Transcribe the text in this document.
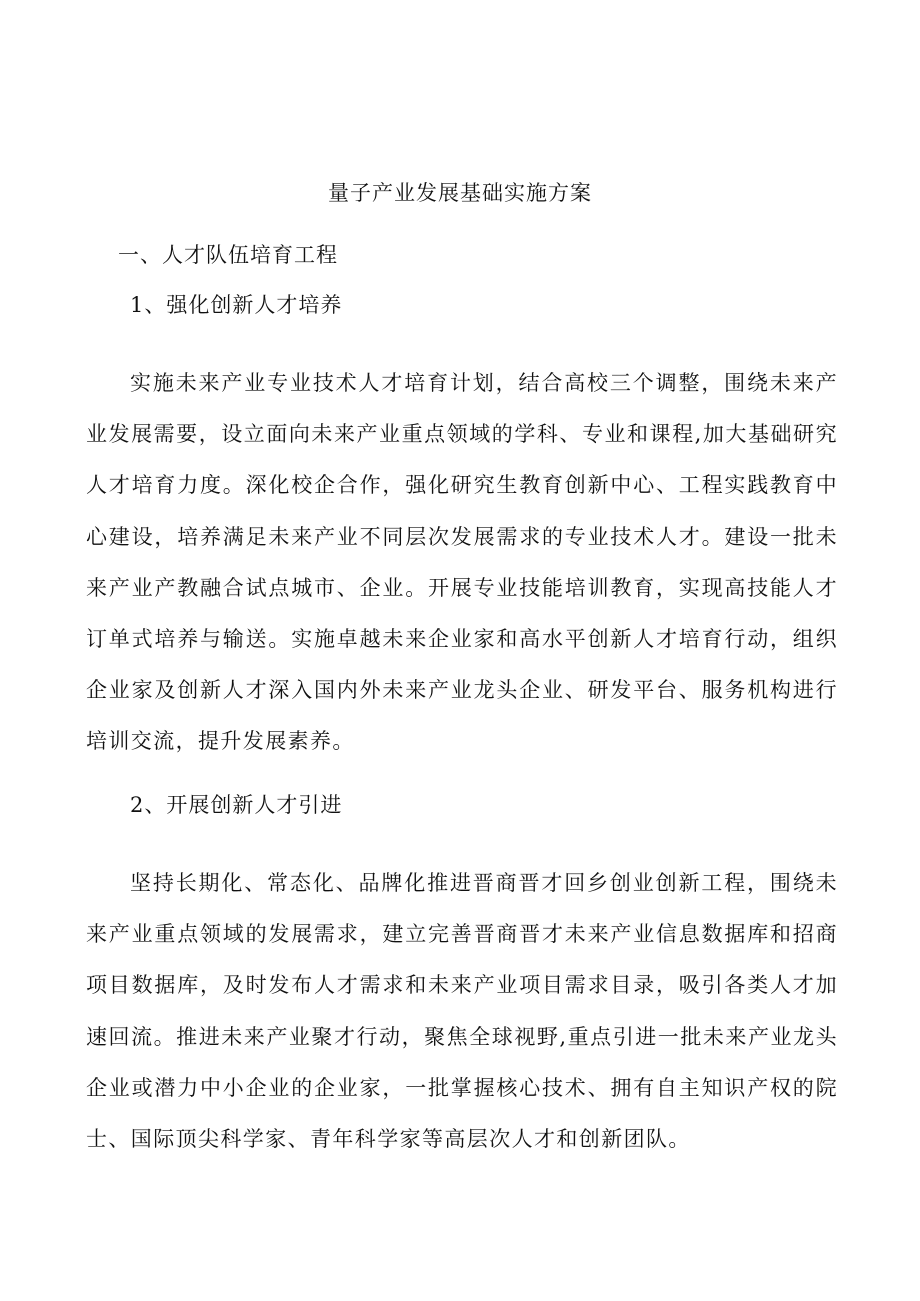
量子产业发展基础实施方案
一、人才队伍培育工程
1、强化创新人才培养

实施未来产业专业技术人才培育计划，结合高校三个调整，围绕未来产业发展需要，设立面向未来产业重点领域的学科、专业和课程,加大基础研究人才培育力度。深化校企合作，强化研究生教育创新中心、工程实践教育中心建设，培养满足未来产业不同层次发展需求的专业技术人才。建设一批未来产业产教融合试点城市、企业。开展专业技能培训教育，实现高技能人才订单式培养与输送。实施卓越未来企业家和高水平创新人才培育行动，组织企业家及创新人才深入国内外未来产业龙头企业、研发平台、服务机构进行培训交流，提升发展素养。

2、开展创新人才引进

坚持长期化、常态化、品牌化推进晋商晋才回乡创业创新工程，围绕未来产业重点领域的发展需求，建立完善晋商晋才未来产业信息数据库和招商项目数据库，及时发布人才需求和未来产业项目需求目录，吸引各类人才加速回流。推进未来产业聚才行动，聚焦全球视野,重点引进一批未来产业龙头企业或潜力中小企业的企业家，一批掌握核心技术、拥有自主知识产权的院士、国际顶尖科学家、青年科学家等高层次人才和创新团队。
